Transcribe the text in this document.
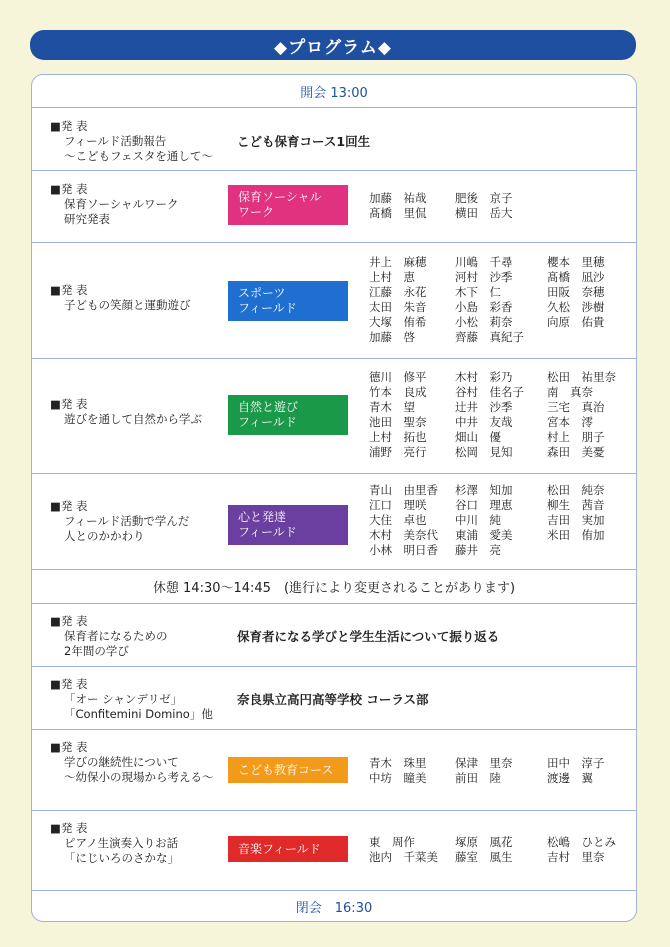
◆プログラム◆
開会 13:00
■発 表
フィールド活動報告
～こどもフェスタを通して～
こども保育コース1回生
■発 表
保育ソーシャルワーク
研究発表
保育ソーシャル
ワーク
加藤　祐哉
髙橋　里侃
肥後　京子
横田　岳大
■発 表
子どもの笑顔と運動遊び
スポーツ
フィールド
井上　麻穂
上村　恵
江藤　永花
太田　朱音
大塚　侑希
加藤　啓
川嶋　千尋
河村　沙季
木下　仁
小島　彩香
小松　莉奈
齊藤　真紀子
櫻本　里穂
髙橋　凪沙
田阪　奈穂
久松　渉樹
向原　佑貴
■発 表
遊びを通して自然から学ぶ
自然と遊び
フィールド
德川　修平
竹本　良成
青木　望
池田　聖奈
上村　拓也
浦野　亮行
木村　彩乃
谷村　佳名子
辻井　沙季
中井　友哉
畑山　優
松岡　見知
松田　祐里奈
南　真奈
三宅　真治
宮本　澪
村上　朋子
森田　美憂
■発 表
フィールド活動で学んだ
人とのかかわり
心と発達
フィールド
青山　由里香
江口　理咲
大住　卓也
木村　美奈代
小林　明日香
杉澤　知加
谷口　理恵
中川　純
東浦　愛美
藤井　亮
松田　純奈
柳生　茜音
吉田　実加
米田　侑加
休憩 14:30～14:45　(進行により変更されることがあります)
■発 表
保育者になるための
2年間の学び
保育者になる学びと学生生活について振り返る
■発 表
「オー シャンデリゼ」
「Confitemini Domino」他
奈良県立高円高等学校 コーラス部
■発 表
学びの継続性について
～幼保小の現場から考える～
こども教育コース	青木　珠里
中坊　瞳美
保津　里奈
前田　陸
田中　淳子
渡邊　翼
■発 表
ピアノ生演奏入りお話
「にじいろのさかな」
音楽フィールド	東　周作
池内　千菜美
塚原　風花
藤室　風生
松嶋　ひとみ
吉村　里奈
閉会　16:30
